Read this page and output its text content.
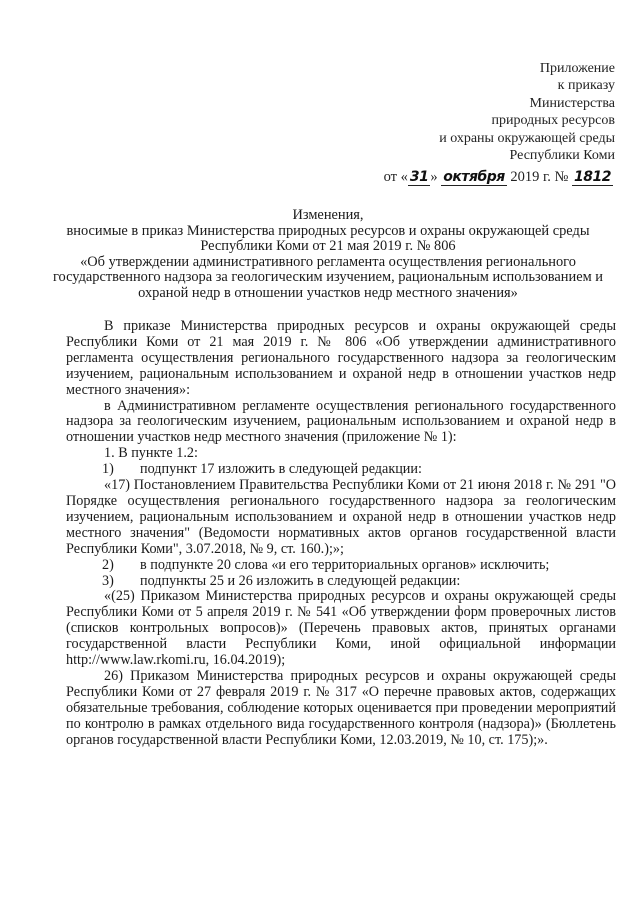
Приложение
к приказу
Министерства
природных ресурсов
и охраны окружающей среды
Республики Коми
от « 31 » октября 2019 г. № 1812

Изменения,

вносимые в приказ Министерства природных ресурсов и охраны окружающей среды Республики Коми от 21 мая 2019 г. № 806

«Об утверждении административного регламента осуществления регионального государственного надзора за геологическим изучением, рациональным использованием и охраной недр в отношении участков недр местного значения»

В приказе Министерства природных ресурсов и охраны окружающей среды Республики Коми от 21 мая 2019 г. № 806 «Об утверждении административного регламента осуществления регионального государственного надзора за геологическим изучением, рациональным использованием и охраной недр в отношении участков недр местного значения»:

в Административном регламенте осуществления регионального государственного надзора за геологическим изучением, рациональным использованием и охраной недр в отношении участков недр местного значения (приложение № 1):

1. В пункте 1.2:

1)	подпункт 17 изложить в следующей редакции:

«17) Постановлением Правительства Республики Коми от 21 июня 2018 г. № 291 "О Порядке осуществления регионального государственного надзора за геологическим изучением, рациональным использованием и охраной недр в отношении участков недр местного значения" (Ведомости нормативных актов органов государственной власти Республики Коми", 3.07.2018, № 9, ст. 160.);»;

2)	в подпункте 20 слова «и его территориальных органов» исключить;
3)	подпункты 25 и 26 изложить в следующей редакции:

«(25) Приказом Министерства природных ресурсов и охраны окружающей среды Республики Коми от 5 апреля 2019 г. № 541 «Об утверждении форм проверочных листов (списков контрольных вопросов)» (Перечень правовых актов, принятых органами государственной власти Республики Коми, иной официальной информации http://www.law.rkomi.ru, 16.04.2019);

26) Приказом Министерства природных ресурсов и охраны окружающей среды Республики Коми от 27 февраля 2019 г. № 317 «О перечне правовых актов, содержащих обязательные требования, соблюдение которых оценивается при проведении мероприятий по контролю в рамках отдельного вида государственного контроля (надзора)» (Бюллетень органов государственной власти Республики Коми, 12.03.2019, № 10, ст. 175);».
